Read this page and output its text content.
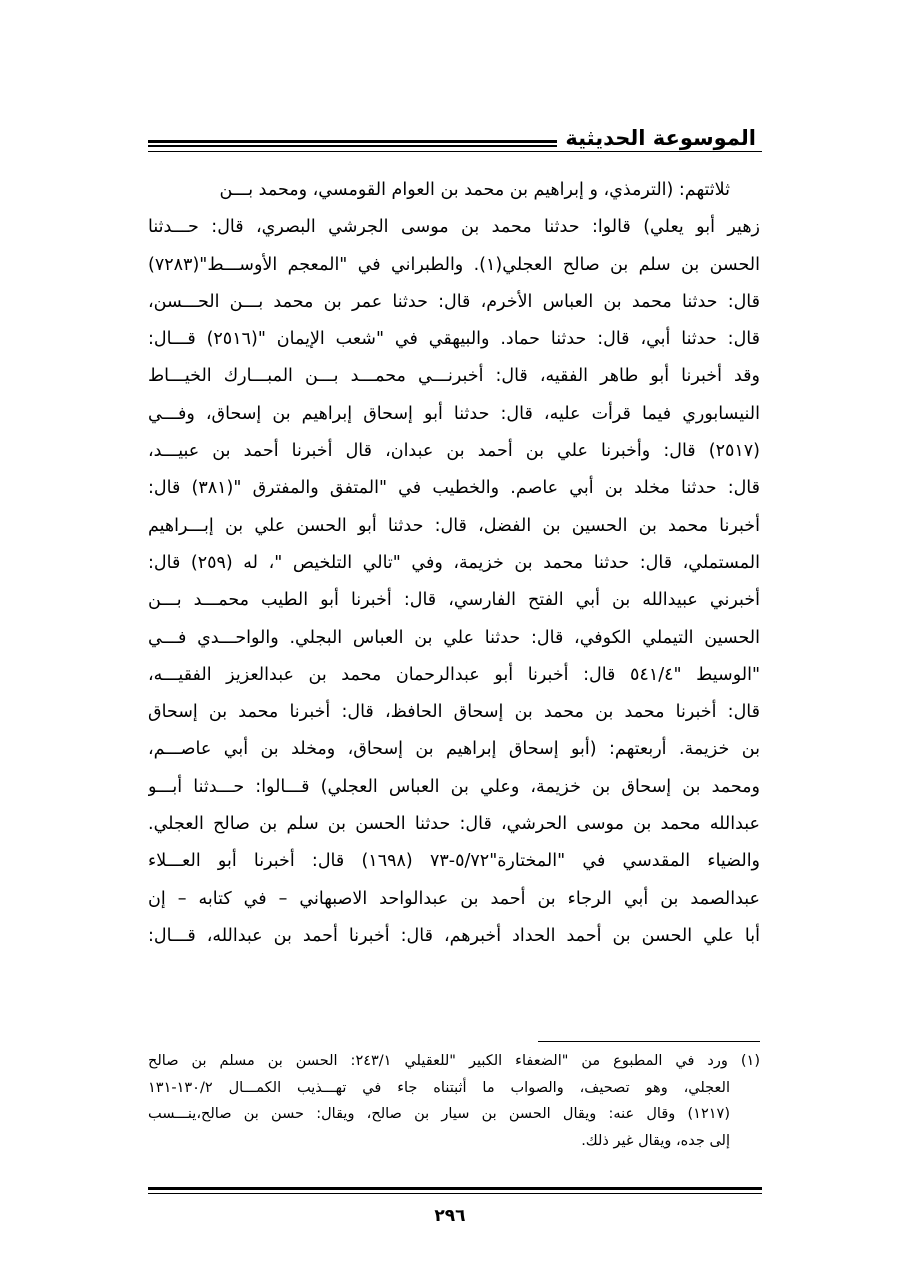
الموسوعة الحديثية
ثلاثتهم: (الترمذي، و إبراهيم بن محمد بن العوام القومسي، ومحمد بـــن
زهير أبو يعلي) قالوا: حدثنا محمد بن موسى الجرشي البصري، قال: حـــدثنا
الحسن بن سلم بن صالح العجلي(١). والطبراني في "المعجم الأوســـط"(٧٢٨٣)
قال: حدثنا محمد بن العباس الأخرم، قال: حدثنا عمر بن محمد بـــن الحـــسن،
قال: حدثنا أبي، قال: حدثنا حماد. والبيهقي في "شعب الإيمان "(٢٥١٦) قـــال:
وقد أخبرنا أبو طاهر الفقيه، قال: أخبرنـــي محمـــد بـــن المبـــارك الخيـــاط
النيسابوري فيما قرأت عليه، قال: حدثنا أبو إسحاق إبراهيم بن إسحاق، وفـــي
(٢٥١٧) قال: وأخبرنا علي بن أحمد بن عبدان، قال أخبرنا أحمد بن عبيـــد،
قال: حدثنا مخلد بن أبي عاصم. والخطيب في "المتفق والمفترق "(٣٨١) قال:
أخبرنا محمد بن الحسين بن الفضل، قال: حدثنا أبو الحسن علي بن إبـــراهيم
المستملي، قال: حدثنا محمد بن خزيمة، وفي "تالي التلخيص "، له (٢٥٩) قال:
أخبرني عبيدالله بن أبي الفتح الفارسي، قال: أخبرنا أبو الطيب محمـــد بـــن
الحسين التيملي الكوفي، قال: حدثنا علي بن العباس البجلي. والواحـــدي فـــي
"الوسيط "٥٤١/٤ قال: أخبرنا أبو عبدالرحمان محمد بن عبدالعزيز الفقيـــه،
قال: أخبرنا محمد بن محمد بن إسحاق الحافظ، قال: أخبرنا محمد بن إسحاق
بن خزيمة. أربعتهم: (أبو إسحاق إبراهيم بن إسحاق، ومخلد بن أبي عاصـــم،
ومحمد بن إسحاق بن خزيمة، وعلي بن العباس العجلي) قـــالوا: حـــدثنا أبـــو
عبدالله محمد بن موسى الحرشي، قال: حدثنا الحسن بن سلم بن صالح العجلي.
والضياء المقدسي في "المختارة"٥/٧٢-٧٣ (١٦٩٨) قال: أخبرنا أبو العـــلاء
عبدالصمد بن أبي الرجاء بن أحمد بن عبدالواحد الاصبهاني – في كتابه – إن
أبا علي الحسن بن أحمد الحداد أخبرهم، قال: أخبرنا أحمد بن عبدالله، قـــال:
(١) ورد في المطبوع من "الضعفاء الكبير "للعقيلي ٢٤٣/١: الحسن بن مسلم بن صالح
العجلي، وهو تصحيف، والصواب ما أثبتناه جاء في تهـــذيب الكمـــال ١٣٠/٢-١٣١
(١٢١٧) وقال عنه: ويقال الحسن بن سيار بن صالح، ويقال: حسن بن صالح،ينـــسب
إلى جده، ويقال غير ذلك.
٢٩٦
